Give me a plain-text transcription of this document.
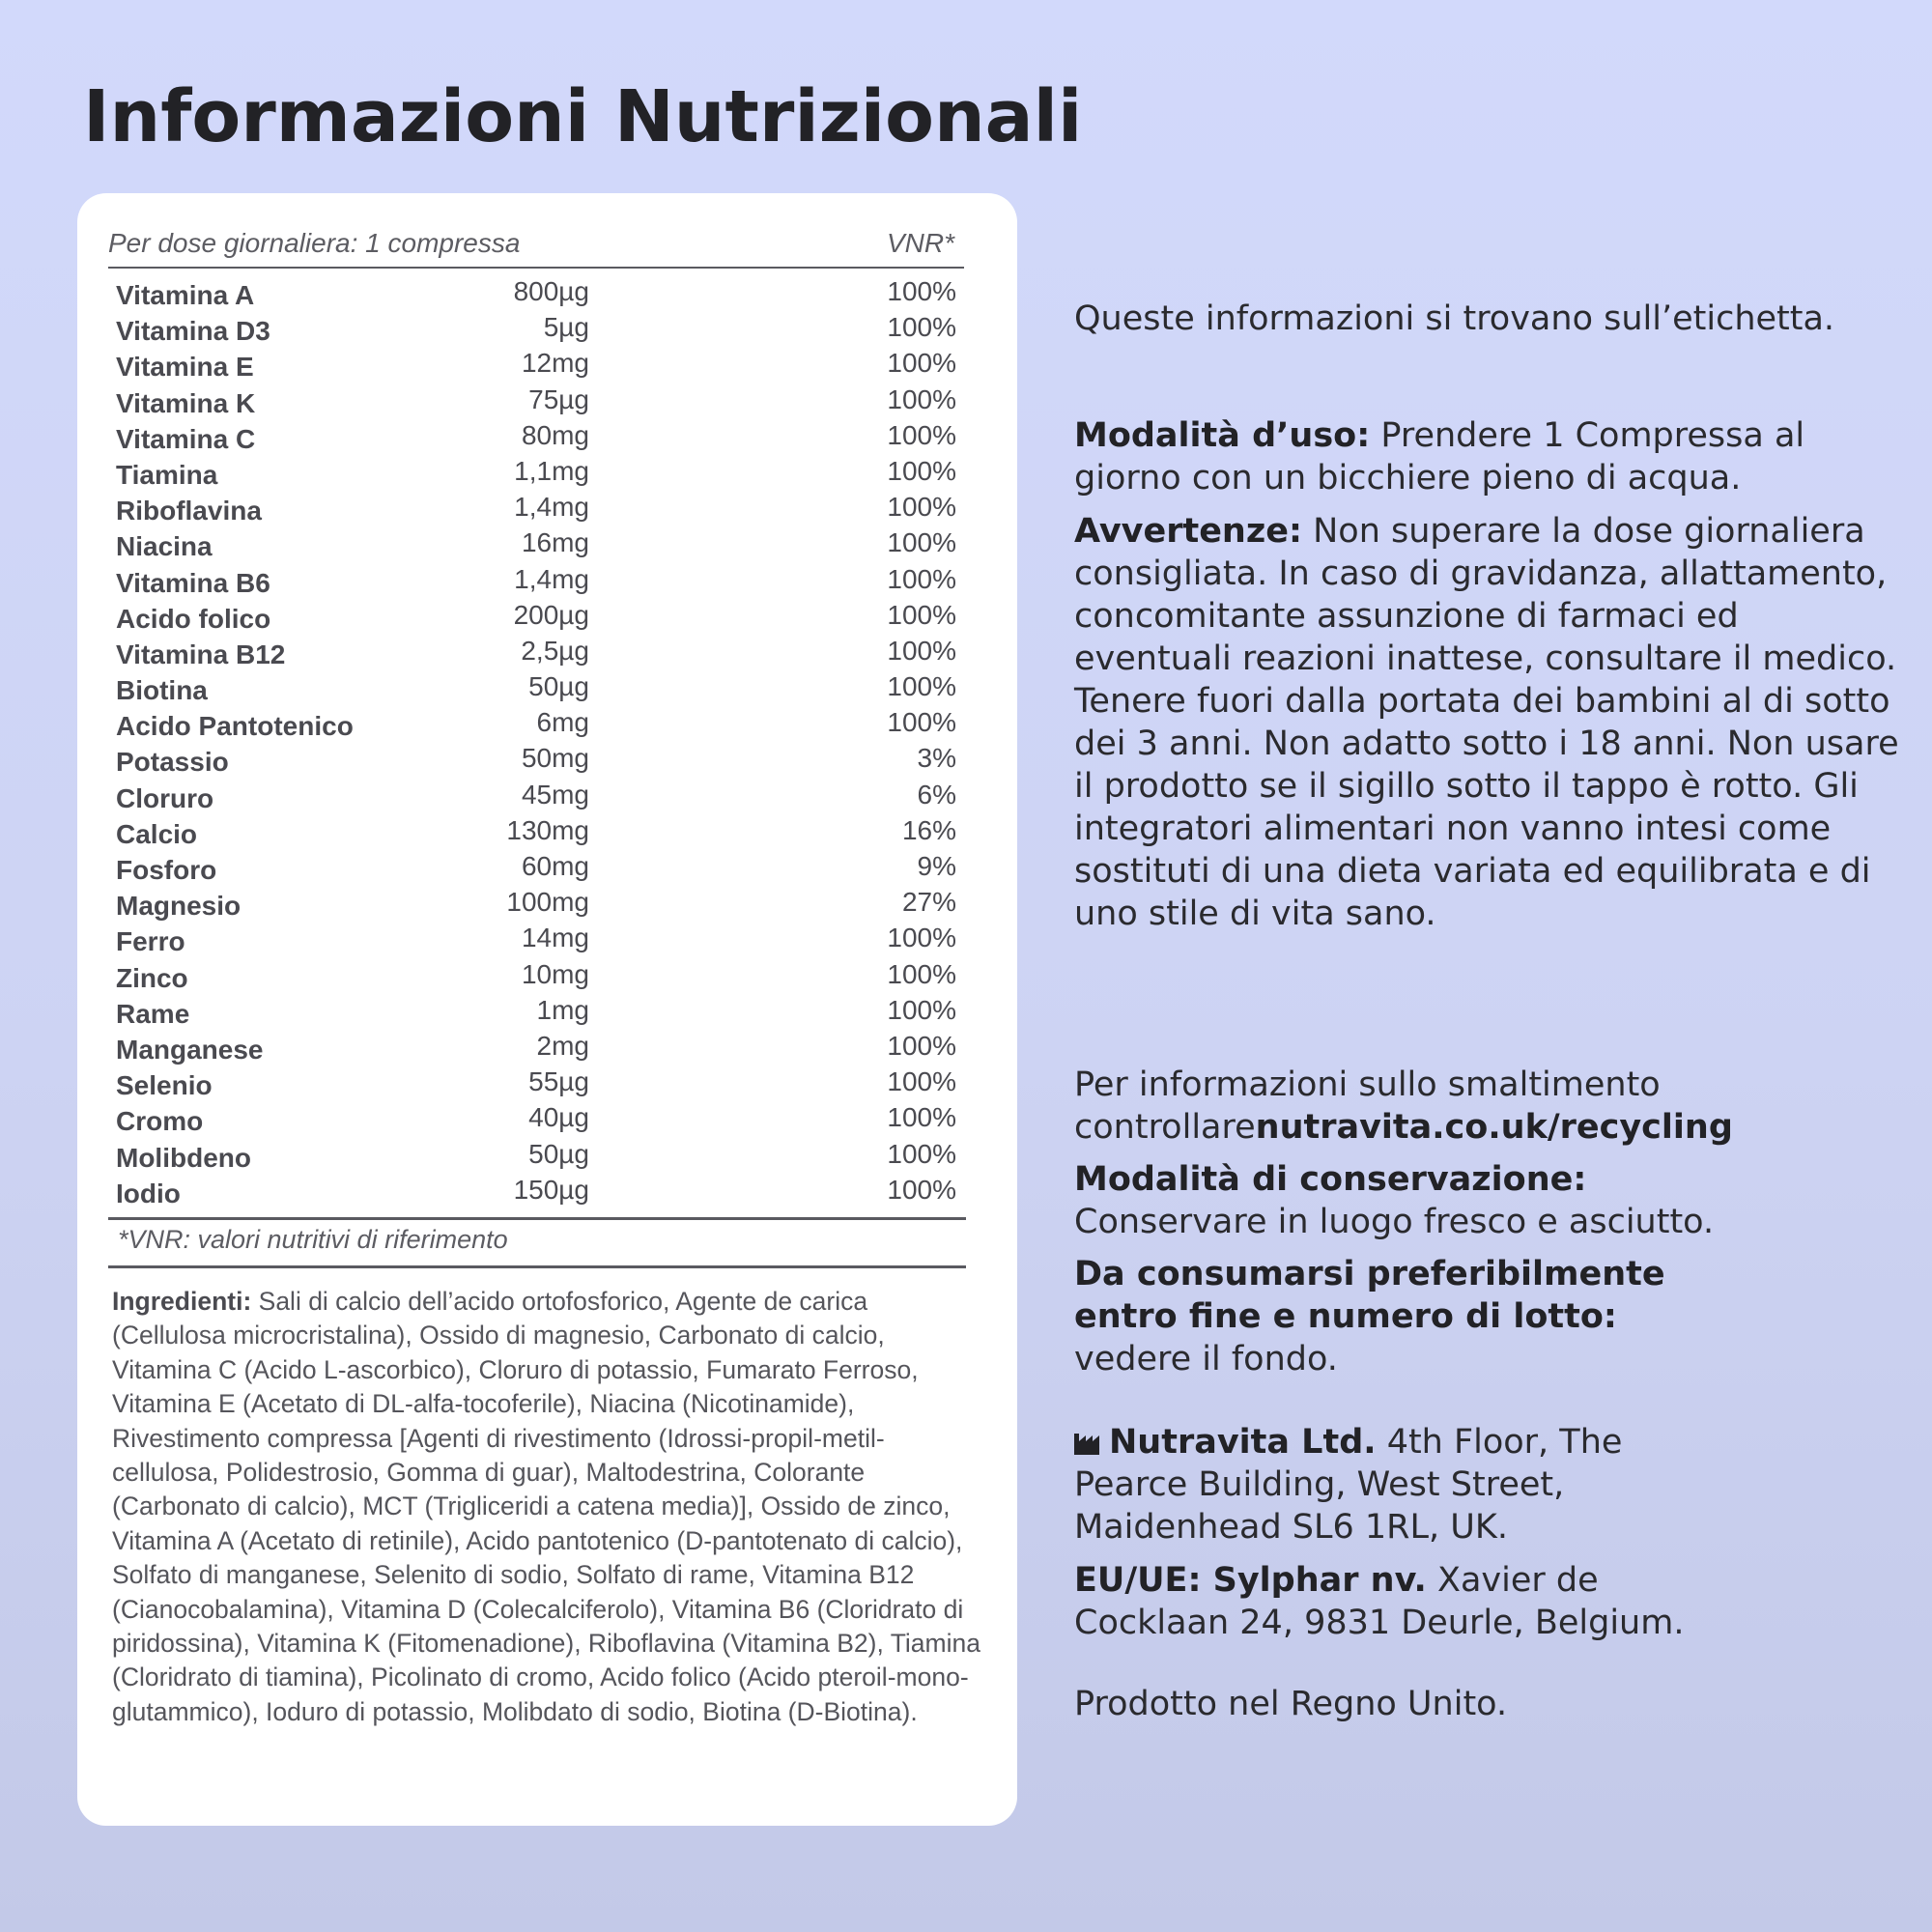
Informazioni Nutrizionali
Per dose giornaliera: 1 compressa	VNR*
Vitamina A	800µg	100%
Vitamina D3	5µg	100%
Vitamina E	12mg	100%
Vitamina K	75µg	100%
Vitamina C	80mg	100%
Tiamina	1,1mg	100%
Riboflavina	1,4mg	100%
Niacina	16mg	100%
Vitamina B6	1,4mg	100%
Acido folico	200µg	100%
Vitamina B12	2,5µg	100%
Biotina	50µg	100%
Acido Pantotenico	6mg	100%
Potassio	50mg	3%
Cloruro	45mg	6%
Calcio	130mg	16%
Fosforo	60mg	9%
Magnesio	100mg	27%
Ferro	14mg	100%
Zinco	10mg	100%
Rame	1mg	100%
Manganese	2mg	100%
Selenio	55µg	100%
Cromo	40µg	100%
Molibdeno	50µg	100%
Iodio	150µg	100%
*VNR: valori nutritivi di riferimento
Ingredienti: Sali di calcio dell’acido ortofosforico, Agente de carica (Cellulosa microcristalina), Ossido di magnesio, Carbonato di calcio, Vitamina C (Acido L-ascorbico), Cloruro di potassio, Fumarato Ferroso, Vitamina E (Acetato di DL-alfa-tocoferile), Niacina (Nicotinamide), Rivestimento compressa [Agenti di rivestimento (Idrossi-propil-metil- cellulosa, Polidestrosio, Gomma di guar), Maltodestrina, Colorante (Carbonato di calcio), MCT (Trigliceridi a catena media)], Ossido de zinco, Vitamina A (Acetato di retinile), Acido pantotenico (D-pantotenato di calcio), Solfato di manganese, Selenito di sodio, Solfato di rame, Vitamina B12 (Cianocobalamina), Vitamina D (Colecalciferolo), Vitamina B6 (Cloridrato di piridossina), Vitamina K (Fitomenadione), Riboflavina (Vitamina B2), Tiamina (Cloridrato di tiamina), Picolinato di cromo, Acido folico (Acido pteroil-mono- glutammico), Ioduro di potassio, Molibdato di sodio, Biotina (D-Biotina).

Queste informazioni si trovano sull’etichetta.

Modalità d’uso: Prendere 1 Compressa al giorno con un bicchiere pieno di acqua.

Avvertenze: Non superare la dose giornaliera consigliata. In caso di gravidanza, allattamento, concomitante assunzione di farmaci ed eventuali reazioni inattese, consultare il medico. Tenere fuori dalla portata dei bambini al di sotto dei 3 anni. Non adatto sotto i 18 anni. Non usare il prodotto se il sigillo sotto il tappo è rotto. Gli integratori alimentari non vanno intesi come sostituti di una dieta variata ed equilibrata e di uno stile di vita sano.

Per informazioni sullo smaltimento controllarenutravita.co.uk/recycling

Modalità di conservazione:

Conservare in luogo fresco e asciutto.

Da consumarsi preferibilmente entro fine e numero di lotto:

vedere il fondo.

Nutravita Ltd. 4th Floor, The Pearce Building, West Street, Maidenhead SL6 1RL, UK.

EU/UE: Sylphar nv. Xavier de Cocklaan 24, 9831 Deurle, Belgium.

Prodotto nel Regno Unito.
